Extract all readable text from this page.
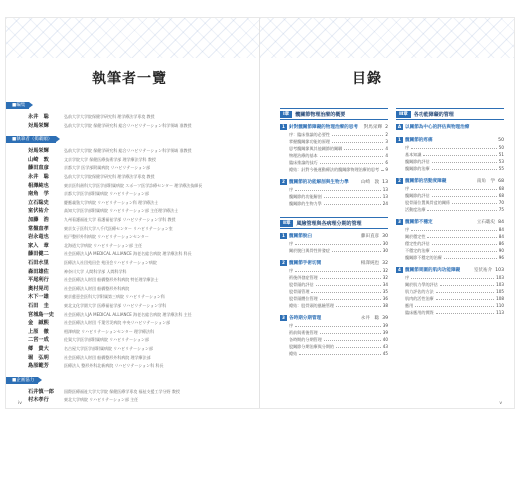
執筆者一覽
■編集
永井　聡	弘前大学大学院保健学研究科 理学療法学専攻 教授
対馬栄輝	弘前大学大学院 保健学研究科 総合リハビリテーション科学領域 准教授
■執筆者（掲載順）
対馬栄輝	弘前大学大学院 保健学研究科 総合リハビリテーション科学領域 准教授
山崎　敦	文京学院大学 保健医療技術学部 理学療法学科 教授
藤田直彦	京都大学 医学部附属病院 リハビリテーション部
永井　聡	弘前大学大学院保健学研究科 理学療法学専攻 教授
相澤純也	東京医科歯科大学医学部附属病院 スポーツ医学診療センター 理学療法技師長
南角　学	京都大学医学部附属病院 リハビリテーション部
立石聡史	慶應義塾大学病院 リハビリテーション科 理学療法士
室伏祐介	高知大学医学部附属病院 リハビリテーション部 主任理学療法士
加藤　浩	九州看護福祉大学 看護福祉学部 リハビリテーション学科 教授
常盤直孝	東京女子医科大学八千代医療センター リハビリテーション室
岩永竜也	松戸整形外科病院 リハビリテーションセンター
家入　章	北海道大学病院 リハビリテーション部 主任
藤田健二	社会医療法人JA MEDICAL ALLIANCE 海老名総合病院 理学療法科 科長
石田水里	医療法人社団苑田会 苑田会リハビリテーション病院
森田雄佐	神奈川大学 人間科学部 人間科学科
平尾利行	社会医療法人財団 船橋整形外科病院 特任理学療法士
奥村晃司	社会医療法人財団 船橋整形外科病院
木下一雄	東京慈恵会医科大学附属第三病院 リハビリテーション科
石田　圭	東北文化学園大学 医療福祉学部 リハビリテーション学科
宮城島一史	社会医療法人JA MEDICAL ALLIANCE 海老名総合病院 理学療法科 主任
金　誠熙	社会医療法人財団 千葉労災病院 中央リハビリテーション部
上原　徹	相澤病院 リハビリテーションセンター 理学療法科
二宮一成	佐賀大学医学部附属病院 リハビリテーション部
郷　貴大	名古屋大学医学部附属病院 リハビリテーション部
堀　弘明	社会医療法人財団 船橋整形外科病院 理学療法部
島原範芳	医療法人 整形外科北新病院 リハビリテーション科 科長
■企画協力
石井慎一郎	国際医療福祉大学大学院 保健医療学専攻 福祉支援工学分野 教授
村木孝行	東北大学病院 リハビリテーション部 主任
iv
目錄
Ⅰ章	髖關節物理治療的概要
1 針對髖關節障礙的物理治療的思考 對馬栄輝 2
序：臨床推論的必要性	2
掌握髖關節功能的原理	3
思考髖關節與其他關節的關聯	4
物理治療的基本	4
臨床推論的技巧	6
總結：針對今後運動療法的髖關節物理治療的思考 9
2 髖關節的功能解剖與生物力學	山崎　敦 13
序	13
髖關節的功能解剖	13
髖關節的生物力學	24
Ⅱ章	風險管理與各病理分期的管理
1 髖關節脫臼	藤田直彦 30
序	30
關於脫臼與骨性併發症	30
2 髖關節手術切開	相澤純也 32
序	32
術後併發症管理	32
股骨頭的評估	34
股骨頭管理	35
股骨頭體位管理	36
總結：股骨頭的風險管理	38
3 各時期分期管理	永井　聡 39
序	39
術前與術後管理	39
各時期的分期管理	40
股關節分期治療與分期的	43
總結	45
Ⅲ章	各功能障礙的管理
A 以關節為中心的評估與物理治療
1 髖關節的疼痛	50
序	50
基本知識	51
髖關節的評估	53
髖關節的治療	55
2 髖關節的活動度障礙	南角　学 68
序	68
髖關節的評估	68
股骨頭位置與骨盆的關係	70
活動度治療	75
3 髖關節不穩定	立石聡史 84
序	84
關於穩定性	84
穩定性的評估	86
不穩定的治療	90
髖關節不穩定的治療	96
4 髖關節周圍的肌肉功能障礙	室伏祐介 103
序	103
關於肌力學的評估	103
肌力評估的方法	105
肌肉的活性治療	108
應用	110
臨床應用的實際	113
v
